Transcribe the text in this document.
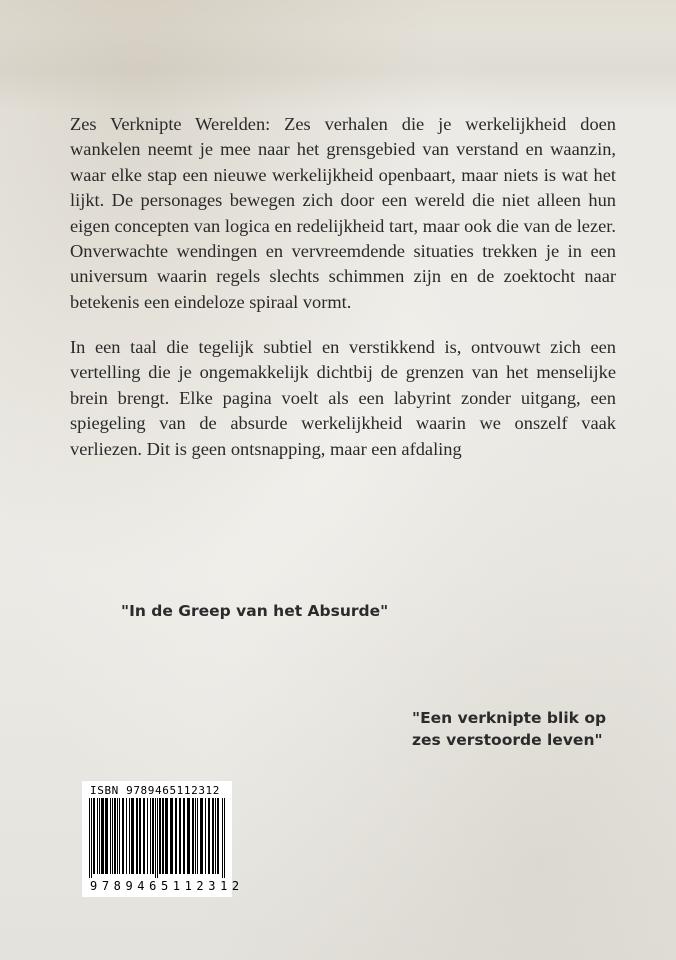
Zes Verknipte Werelden: Zes verhalen die je werkelijkheid doen wankelen neemt je mee naar het grensgebied van verstand en waanzin, waar elke stap een nieuwe werkelijkheid openbaart, maar niets is wat het lijkt. De personages bewegen zich door een wereld die niet alleen hun eigen concepten van logica en redelijkheid tart, maar ook die van de lezer. Onverwachte wendingen en vervreemdende situaties trekken je in een universum waarin regels slechts schimmen zijn en de zoektocht naar betekenis een eindeloze spiraal vormt.

In een taal die tegelijk subtiel en verstikkend is, ontvouwt zich een vertelling die je ongemakkelijk dichtbij de grenzen van het menselijke brein brengt. Elke pagina voelt als een labyrint zonder uitgang, een spiegeling van de absurde werkelijkheid waarin we onszelf vaak verliezen. Dit is geen ontsnapping, maar een afdaling

"In de Greep van het Absurde"

"Een verknipte blik op
zes verstoorde leven"
ISBN 9789465112312
9789465112312
